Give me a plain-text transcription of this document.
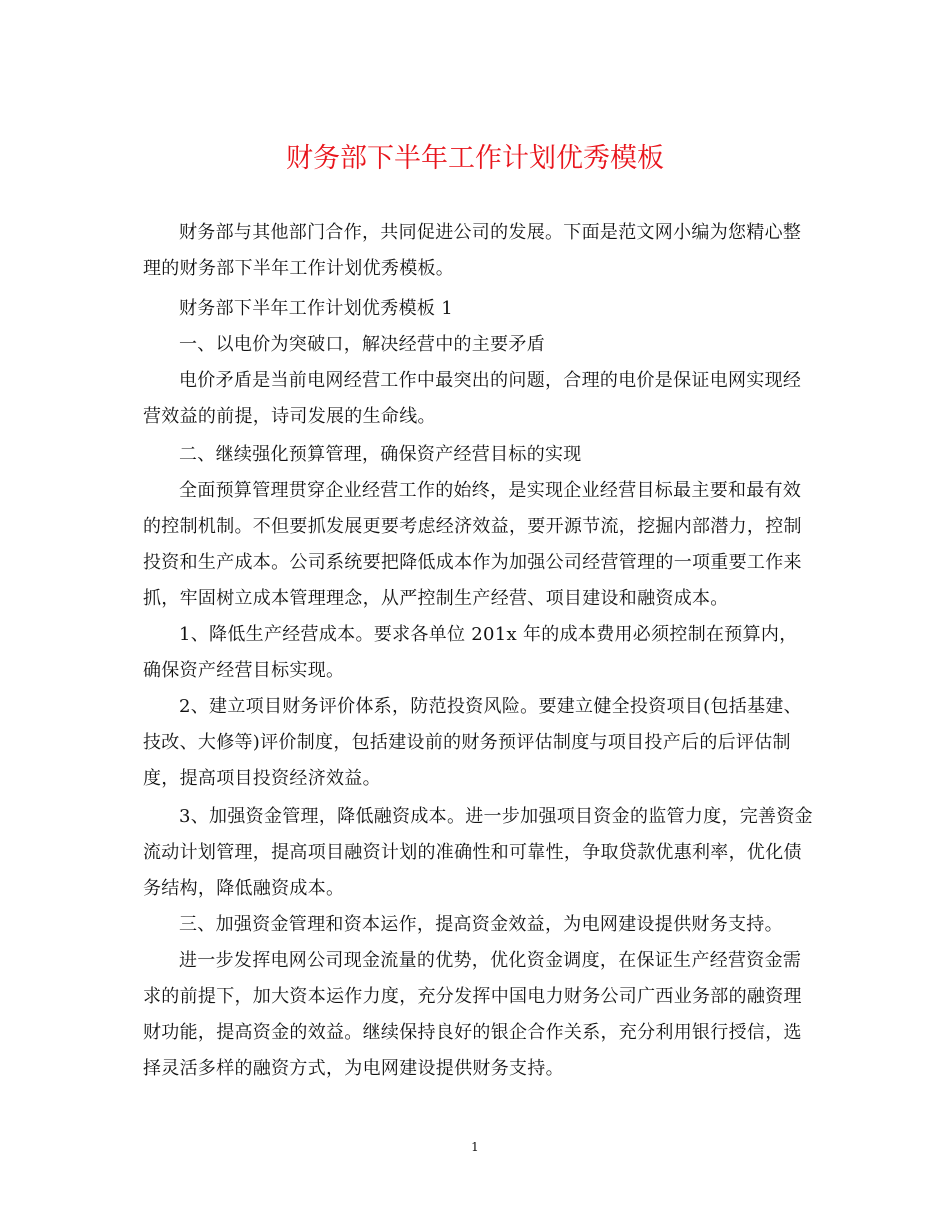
财务部下半年工作计划优秀模板

财务部与其他部门合作，共同促进公司的发展。下面是范文网小编为您精心整理的财务部下半年工作计划优秀模板。

财务部下半年工作计划优秀模板 1

一、以电价为突破口，解决经营中的主要矛盾

电价矛盾是当前电网经营工作中最突出的问题，合理的电价是保证电网实现经营效益的前提，诗司发展的生命线。

二、继续强化预算管理，确保资产经营目标的实现

全面预算管理贯穿企业经营工作的始终，是实现企业经营目标最主要和最有效的控制机制。不但要抓发展更要考虑经济效益，要开源节流，挖掘内部潜力，控制投资和生产成本。公司系统要把降低成本作为加强公司经营管理的一项重要工作来抓，牢固树立成本管理理念，从严控制生产经营、项目建设和融资成本。

1、降低生产经营成本。要求各单位 201x 年的成本费用必须控制在预算内，确保资产经营目标实现。

2、建立项目财务评价体系，防范投资风险。要建立健全投资项目(包括基建、技改、大修等)评价制度，包括建设前的财务预评估制度与项目投产后的后评估制度，提高项目投资经济效益。

3、加强资金管理，降低融资成本。进一步加强项目资金的监管力度，完善资金流动计划管理，提高项目融资计划的准确性和可靠性，争取贷款优惠利率，优化债务结构，降低融资成本。

三、加强资金管理和资本运作，提高资金效益，为电网建设提供财务支持。

进一步发挥电网公司现金流量的优势，优化资金调度，在保证生产经营资金需求的前提下，加大资本运作力度，充分发挥中国电力财务公司广西业务部的融资理财功能，提高资金的效益。继续保持良好的银企合作关系，充分利用银行授信，选择灵活多样的融资方式，为电网建设提供财务支持。

1
